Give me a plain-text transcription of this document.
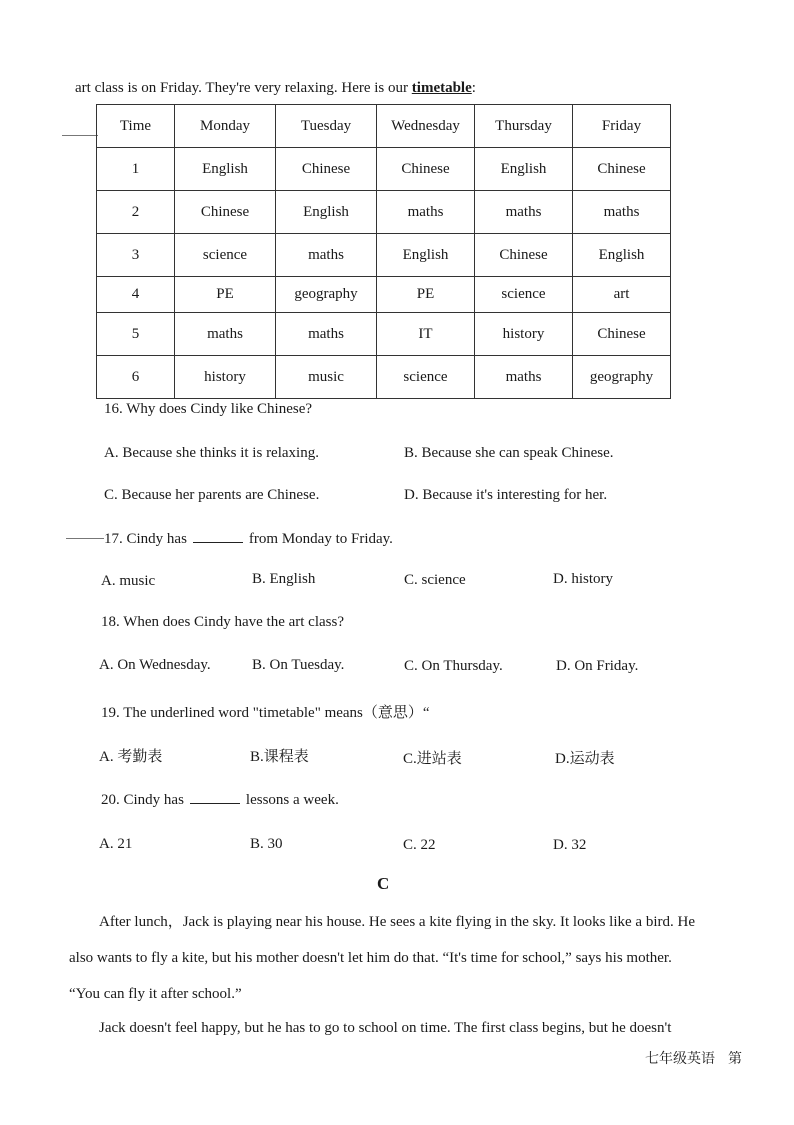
art class is on Friday. They're very relaxing. Here is our timetable:
Time	Monday	Tuesday	Wednesday	Thursday	Friday
1	English	Chinese	Chinese	English	Chinese
2	Chinese	English	maths	maths	maths
3	science	maths	English	Chinese	English
4	PE	geography	PE	science	art
5	maths	maths	IT	history	Chinese
6	history	music	science	maths	geography
16. Why does Cindy like Chinese?
A. Because she thinks it is relaxing.	B. Because she can speak Chinese.
C. Because her parents are Chinese.	D. Because it's interesting for her.
17. Cindy has	from Monday to Friday.
A. music	B. English	C. science	D. history
18. When does Cindy have the art class?
A. On Wednesday.	B. On Tuesday.	C. On Thursday.	D. On Friday.
19. The underlined word "timetable" means（意思）“
A. 考勤表	B.课程表	C.进站表	D.运动表
20. Cindy has	lessons a week.
A. 21	B. 30	C. 22	D. 32
C
After lunch，Jack is playing near his house. He sees a kite flying in the sky. It looks like a bird. He also wants to fly a kite, but his mother doesn't let him do that. “It's time for school,” says his mother. “You can fly it after school.”
Jack doesn't feel happy, but he has to go to school on time. The first class begins, but he doesn't
七年级英语 第
